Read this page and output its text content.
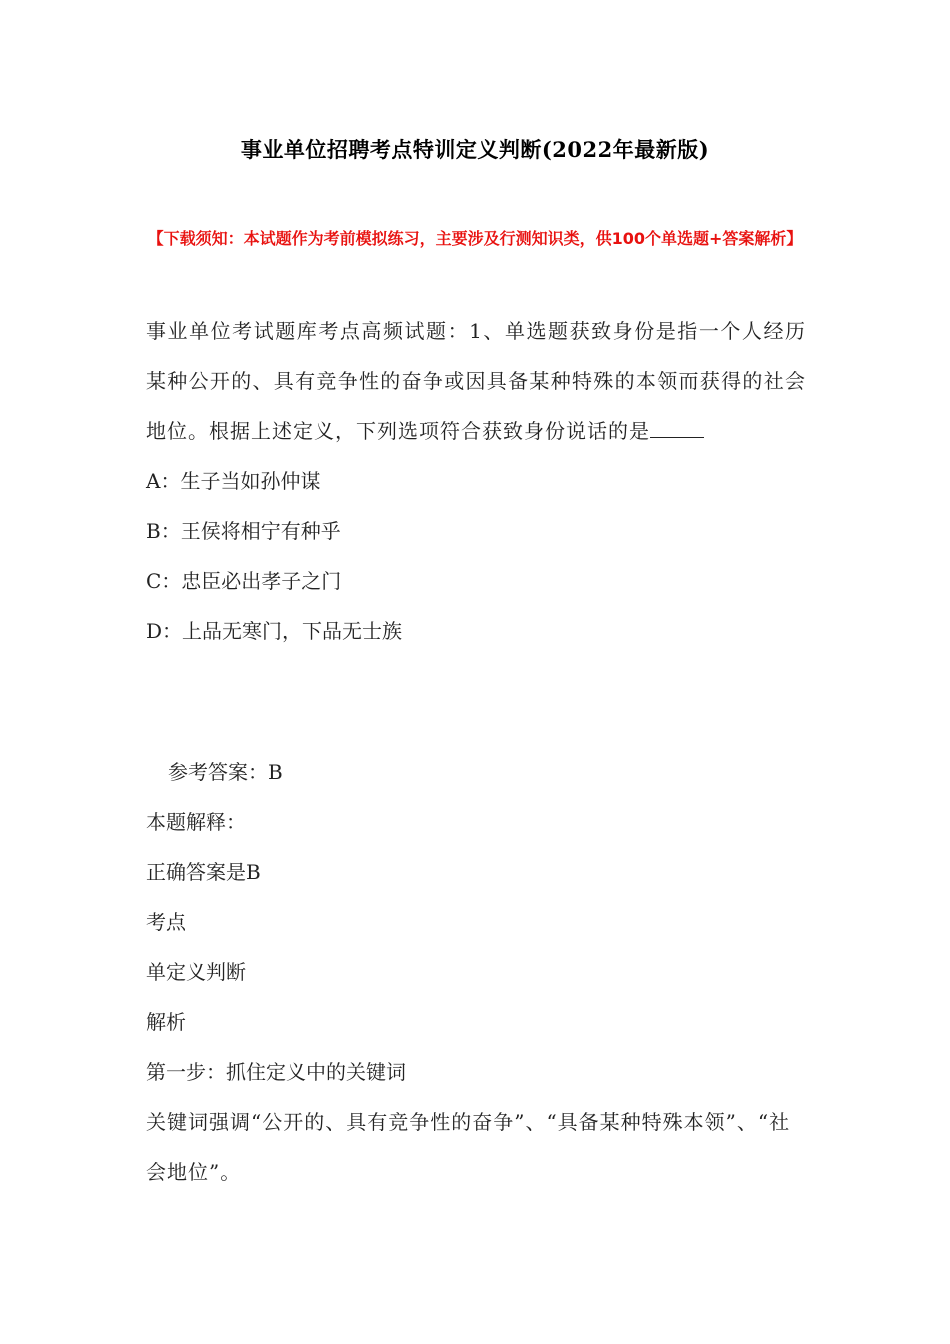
事业单位招聘考点特训定义判断(2022年最新版)
【下载须知：本试题作为考前模拟练习，主要涉及行测知识类，供100个单选题+答案解析】
事业单位考试题库考点高频试题：1、单选题获致身份是指一个人经历某种公开的、具有竞争性的奋争或因具备某种特殊的本领而获得的社会地位。根据上述定义，下列选项符合获致身份说话的是
A：生子当如孙仲谋
B：王侯将相宁有种乎
C：忠臣必出孝子之门
D：上品无寒门，下品无士族
参考答案：B
本题解释：
正确答案是B
考点
单定义判断
解析
第一步：抓住定义中的关键词
关键词强调“公开的、具有竞争性的奋争”、“具备某种特殊本领”、“社会地位”。
